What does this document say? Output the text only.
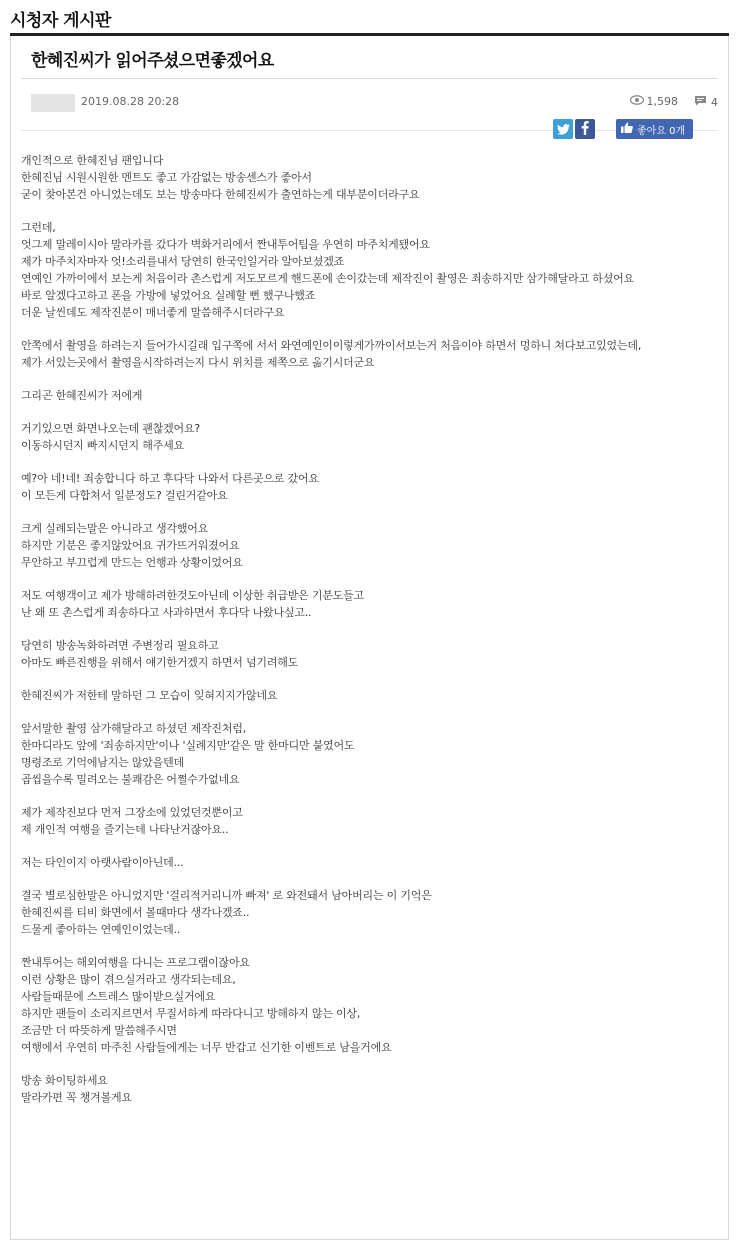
시청자 게시판
한혜진씨가 읽어주셨으면좋겠어요
2019.08.28 20:28	1,598	4
좋아요 0개
개인적으로 한혜진님 팬입니다
한혜진님 시원시원한 멘트도 좋고 가감없는 방송센스가 좋아서
굳이 찾아본건 아니었는데도 보는 방송마다 한혜진씨가 출연하는게 대부분이더라구요
그런데,
엇그제 말레이시아 말라카를 갔다가 벽화거리에서 짠내투어팀을 우연히 마주치게됐어요
제가 마주치자마자 엇!소리를내서 당연히 한국인일거라 알아보셨겠죠
연예인 가까이에서 보는게 처음이라 촌스럽게 저도모르게 핸드폰에 손이갔는데 제작진이 촬영은 죄송하지만 삼가해달라고 하셨어요
바로 알겠다고하고 폰을 가방에 넣었어요 실례할 뻔 했구나했죠
더운 날씬데도 제작진분이 매너좋게 말씀해주시더라구요
안쪽에서 촬영을 하려는지 들어가시길래 입구쪽에 서서 와연예인이이렇게가까이서보는거 처음이야 하면서 멍하니 쳐다보고있었는데,
제가 서있는곳에서 촬영을시작하려는지 다시 위치를 제쪽으로 옮기시더군요
그리곤 한혜진씨가 저에게
거기있으면 화면나오는데 괜찮겠어요?
이동하시던지 빠지시던지 해주세요
예?아 네!네! 죄송합니다 하고 후다닥 나와서 다른곳으로 갔어요
이 모든게 다합쳐서 일분정도? 걸린거같아요
크게 실례되는말은 아니라고 생각했어요
하지만 기분은 좋지않았어요 귀가뜨거워졌어요
무안하고 부끄럽게 만드는 언행과 상황이었어요
저도 여행객이고 제가 방해하려한것도아닌데 이상한 취급받은 기분도들고
난 왜 또 촌스럽게 죄송하다고 사과하면서 후다닥 나왔나싶고..
당연히 방송녹화하려면 주변정리 필요하고
아마도 빠른진행을 위해서 얘기한거겠지 하면서 넘기려해도
한혜진씨가 저한테 말하던 그 모습이 잊혀지지가않네요
앞서말한 촬영 삼가해달라고 하셨던 제작진처럼,
한마디라도 앞에 '죄송하지만'이나 '실례지만'같은 말 한마디만 붙였어도
명령조로 기억에남지는 않았을텐데
곱씹을수록 밀려오는 불쾌감은 어쩔수가없네요
제가 제작진보다 먼저 그장소에 있었던것뿐이고
제 개인적 여행을 즐기는데 나타난거잖아요..
저는 타인이지 아랫사람이아닌데...
결국 별로심한말은 아니었지만 '걸리적거리니까 빠져' 로 와전돼서 남아버리는 이 기억은
한혜진씨를 티비 화면에서 볼때마다 생각나겠죠..
드물게 좋아하는 연예인이었는데..
짠내투어는 해외여행을 다니는 프로그램이잖아요
이런 상황은 많이 겪으실거라고 생각되는데요,
사람들때문에 스트레스 많이받으실거에요
하지만 팬들이 소리지르면서 무질서하게 따라다니고 방해하지 않는 이상,
조금만 더 따뜻하게 말씀해주시면
여행에서 우연히 마주친 사람들에게는 너무 반갑고 신기한 이벤트로 남을거에요
방송 화이팅하세요
말라카편 꼭 챙겨볼게요
